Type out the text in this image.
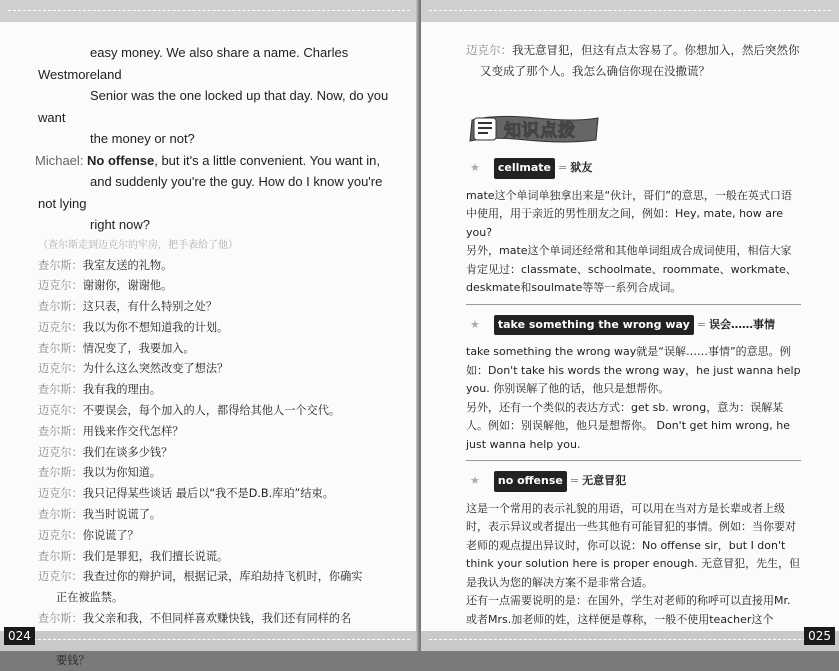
easy money. We also share a name. Charles Westmoreland
Senior was the one locked up that day. Now, do you want
the money or not?
Michael: No offense, but it's a little convenient. You want in,
and suddenly you're the guy. How do I know you're not lying
right now?
（查尔斯走到迈克尔的牢房，把手表给了他）
查尔斯：我室友送的礼物。
迈克尔：谢谢你，谢谢他。
查尔斯：这只表，有什么特别之处？
迈克尔：我以为你不想知道我的计划。
查尔斯：情况变了，我要加入。
迈克尔：为什么这么突然改变了想法？
查尔斯：我有我的理由。
迈克尔：不要误会，每个加入的人，都得给其他人一个交代。
查尔斯：用钱来作交代怎样？
迈克尔：我们在谈多少钱？
查尔斯：我以为你知道。
迈克尔：我只记得某些谈话 最后以“我不是D.B.库珀”结束。
查尔斯：我当时说谎了。
迈克尔：你说谎了？
查尔斯：我们是罪犯，我们擅长说谎。
迈克尔：我查过你的辩护词，根据记录，库珀劫持飞机时，你确实
正在被监禁。
查尔斯：我父亲和我，不但同样喜欢赚快钱，我们还有同样的名
要钱？
024	025
迈克尔：我无意冒犯，但这有点太容易了。你想加入，然后突然你
又变成了那个人。我怎么确信你现在没撒谎？
知识点拨
★	cellmate = 狱友
mate这个单词单独拿出来是“伙计，哥们”的意思，一般在英式口语中使用，用于亲近的男性朋友之间，例如：Hey, mate, how are you?
另外，mate这个单词还经常和其他单词组成合成词使用，相信大家肯定见过：classmate、schoolmate、roommate、workmate、deskmate和soulmate等等一系列合成词。
★	take something the wrong way = 误会……事情
take something the wrong way就是“误解……事情”的意思。例如：Don't take his words the wrong way，he just wanna help you. 你别误解了他的话，他只是想帮你。
另外，还有一个类似的表达方式：get sb. wrong，意为：误解某人。例如：别误解他，他只是想帮你。 Don't get him wrong, he just wanna help you.
★	no offense = 无意冒犯
这是一个常用的表示礼貌的用语，可以用在当对方是长辈或者上级时，表示异议或者提出一些其他有可能冒犯的事情。例如：当你要对老师的观点提出异议时，你可以说：No offense sir，but I don't think your solution here is proper enough. 无意冒犯，先生，但是我认为您的解决方案不是非常合适。
还有一点需要说明的是：在国外，学生对老师的称呼可以直接用Mr.或者Mrs.加老师的姓，这样便是尊称，一般不使用teacher这个
